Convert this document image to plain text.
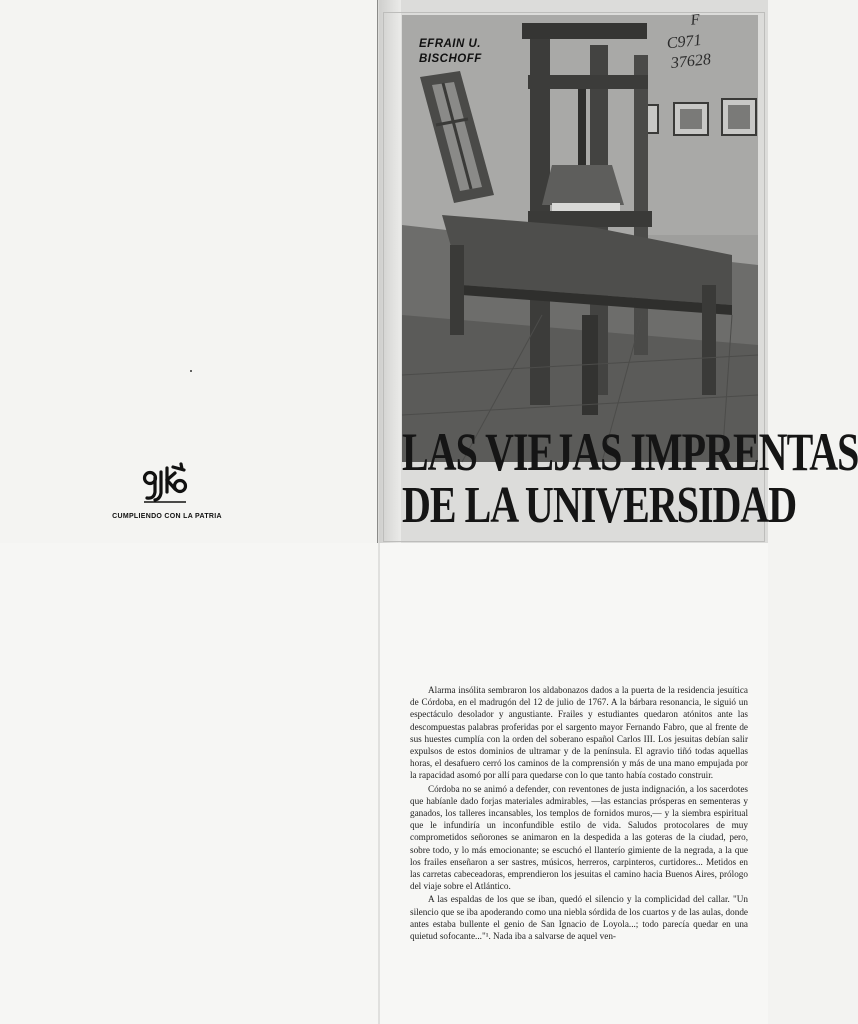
CUMPLIENDO CON LA PATRIA
EFRAIN U.
BISCHOFF
F
C971
37628
LAS VIEJAS IMPRENTAS
DE LA UNIVERSIDAD

Alarma insólita sembraron los aldabonazos dados a la puerta de la residencia jesuítica de Córdoba, en el madrugón del 12 de julio de 1767. A la bárbara resonancia, le siguió un espectáculo desolador y angustiante. Frailes y estudiantes quedaron atónitos ante las descompuestas palabras proferidas por el sargento mayor Fernando Fabro, que al frente de sus huestes cumplía con la orden del soberano español Carlos III. Los jesuitas debían salir expulsos de estos dominios de ultramar y de la península. El agravio tiñó todas aquellas horas, el desafuero cerró los caminos de la comprensión y más de una mano empujada por la rapacidad asomó por allí para quedarse con lo que tanto había costado construir.

Córdoba no se animó a defender, con reventones de justa indignación, a los sacerdotes que habíanle dado forjas materiales admirables, —las estancias prósperas en sementeras y ganados, los talleres incansables, los templos de fornidos muros,— y la siembra espiritual que le infundiría un inconfundible estilo de vida. Saludos protocolares de muy comprometidos señorones se animaron en la despedida a las goteras de la ciudad, pero, sobre todo, y lo más emocionante; se escuchó el llanterío gimiente de la negrada, a la que los frailes enseñaron a ser sastres, músicos, herreros, carpinteros, curtidores... Metidos en las carretas cabeceadoras, emprendieron los jesuitas el camino hacia Buenos Aires, prólogo del viaje sobre el Atlántico.

A las espaldas de los que se iban, quedó el silencio y la complicidad del callar. "Un silencio que se iba apoderando como una niebla sórdida de los cuartos y de las aulas, donde antes estaba bullente el genio de San Ignacio de Loyola...; todo parecía quedar en una quietud sofocante..."¹. Nada iba a salvarse de aquel ven-
